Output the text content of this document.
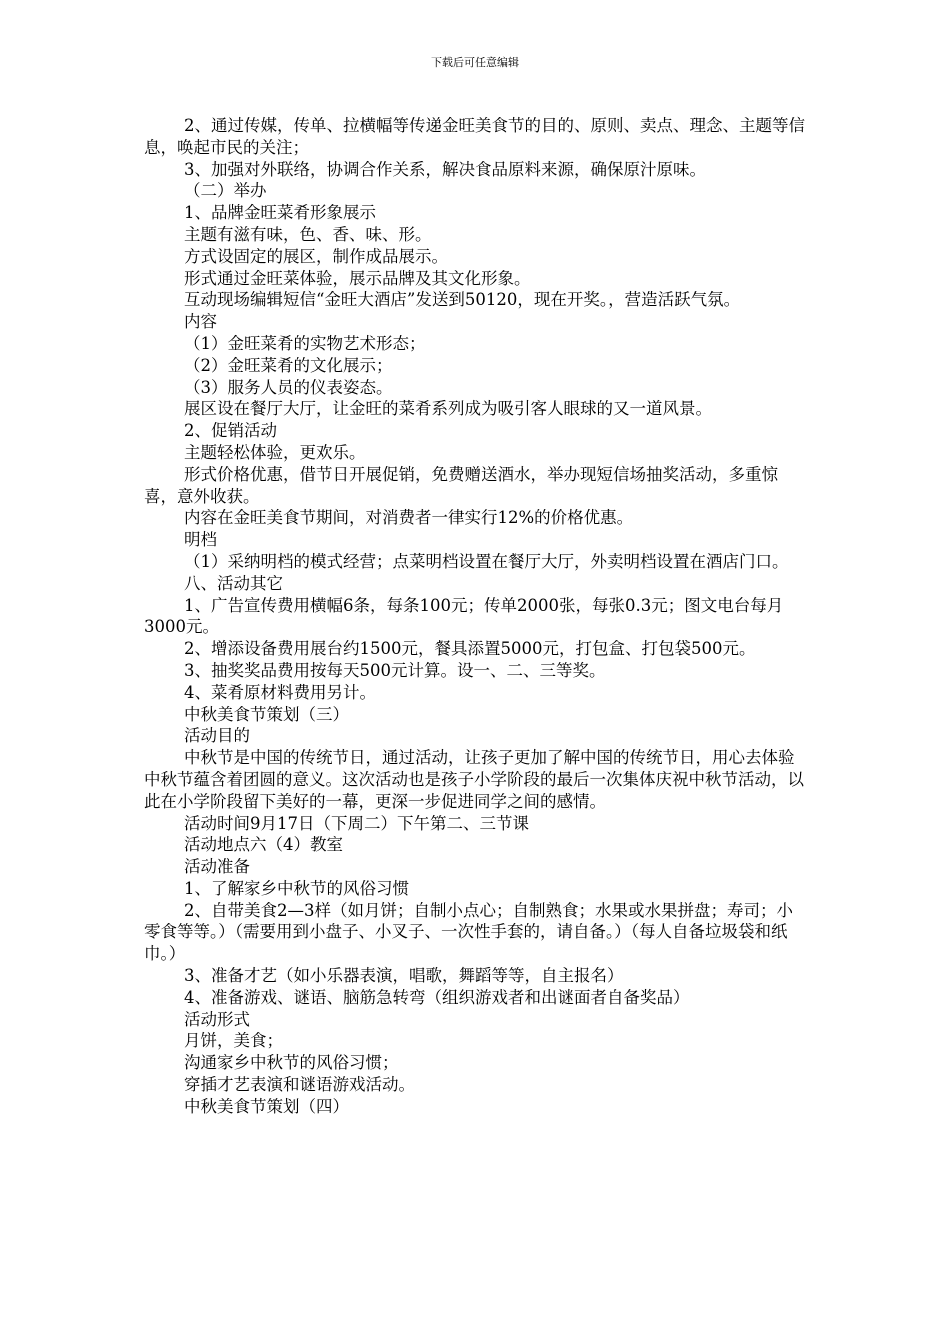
下载后可任意编辑

2、通过传媒，传单、拉横幅等传递金旺美食节的目的、原则、卖点、理念、主题等信息，唤起市民的关注；

3、加强对外联络，协调合作关系，解决食品原料来源，确保原汁原味。

（二）举办

1、品牌金旺菜肴形象展示

主题有滋有味，色、香、味、形。

方式设固定的展区，制作成品展示。

形式通过金旺菜体验，展示品牌及其文化形象。

互动现场编辑短信“金旺大酒店”发送到50120，现在开奖。，营造活跃气氛。

内容

（1）金旺菜肴的实物艺术形态；

（2）金旺菜肴的文化展示；

（3）服务人员的仪表姿态。

展区设在餐厅大厅，让金旺的菜肴系列成为吸引客人眼球的又一道风景。

2、促销活动

主题轻松体验，更欢乐。

形式价格优惠，借节日开展促销，免费赠送酒水，举办现短信场抽奖活动，多重惊喜，意外收获。

内容在金旺美食节期间，对消费者一律实行12%的价格优惠。

明档

（1）采纳明档的模式经营；点菜明档设置在餐厅大厅，外卖明档设置在酒店门口。

八、活动其它

1、广告宣传费用横幅6条，每条100元；传单2000张，每张0.3元；图文电台每月3000元。

2、增添设备费用展台约1500元，餐具添置5000元，打包盒、打包袋500元。

3、抽奖奖品费用按每天500元计算。设一、二、三等奖。

4、菜肴原材料费用另计。

中秋美食节策划（三）

活动目的

中秋节是中国的传统节日，通过活动，让孩子更加了解中国的传统节日，用心去体验中秋节蕴含着团圆的意义。这次活动也是孩子小学阶段的最后一次集体庆祝中秋节活动，以此在小学阶段留下美好的一幕，更深一步促进同学之间的感情。

活动时间9月17日（下周二）下午第二、三节课

活动地点六（4）教室

活动准备

1、了解家乡中秋节的风俗习惯

2、自带美食2—3样（如月饼；自制小点心；自制熟食；水果或水果拼盘；寿司；小零食等等。）（需要用到小盘子、小叉子、一次性手套的，请自备。）（每人自备垃圾袋和纸巾。）

3、准备才艺（如小乐器表演，唱歌，舞蹈等等，自主报名）

4、准备游戏、谜语、脑筋急转弯（组织游戏者和出谜面者自备奖品）

活动形式

月饼，美食；

沟通家乡中秋节的风俗习惯；

穿插才艺表演和谜语游戏活动。

中秋美食节策划（四）
